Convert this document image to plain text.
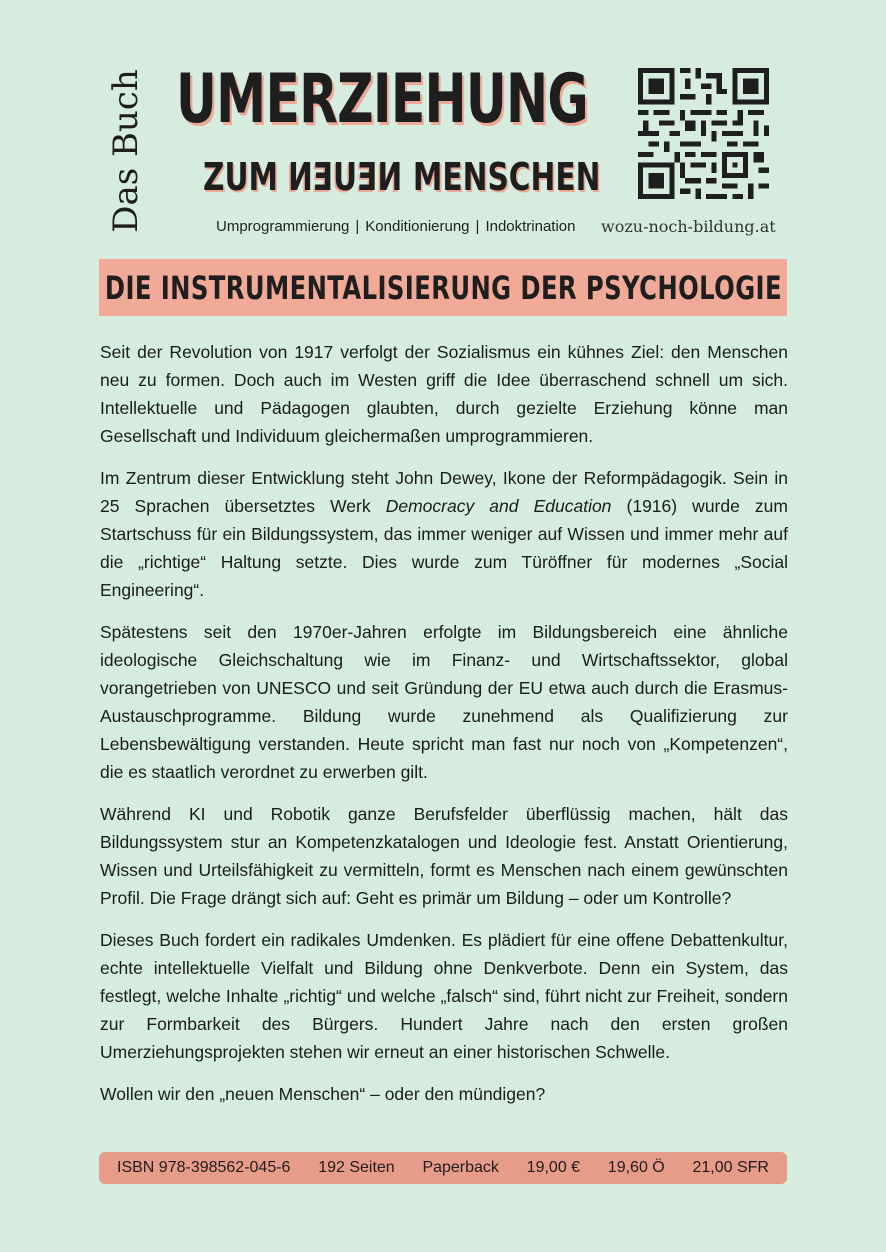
Das Buch UMERZIEHUNG
ZUM NEUEN MENSCHEN
Umprogrammierung | Konditionierung | Indoktrination wozu-noch-bildung.at
DIE INSTRUMENTALISIERUNG DER PSYCHOLOGIE

Seit der Revolution von 1917 verfolgt der Sozialismus ein kühnes Ziel: den Menschen neu zu formen. Doch auch im Westen griff die Idee überraschend schnell um sich. Intellektuelle und Pädagogen glaubten, durch gezielte Erziehung könne man Gesellschaft und Individuum gleichermaßen umprogrammieren.

Im Zentrum dieser Entwicklung steht John Dewey, Ikone der Reformpädagogik. Sein in 25 Sprachen übersetztes Werk Democracy and Education (1916) wurde zum Startschuss für ein Bildungssystem, das immer weniger auf Wissen und immer mehr auf die „richtige“ Haltung setzte. Dies wurde zum Türöffner für modernes „Social Engineering“.

Spätestens seit den 1970er-Jahren erfolgte im Bildungsbereich eine ähnliche ideologische Gleichschaltung wie im Finanz- und Wirtschaftssektor, global vorangetrieben von UNESCO und seit Gründung der EU etwa auch durch die Erasmus-Austauschprogramme. Bildung wurde zunehmend als Qualifizierung zur Lebensbewältigung verstanden. Heute spricht man fast nur noch von „Kompetenzen“, die es staatlich verordnet zu erwerben gilt.

Während KI und Robotik ganze Berufsfelder überflüssig machen, hält das Bildungssystem stur an Kompetenzkatalogen und Ideologie fest. Anstatt Orientierung, Wissen und Urteilsfähigkeit zu vermitteln, formt es Menschen nach einem gewünschten Profil. Die Frage drängt sich auf: Geht es primär um Bildung – oder um Kontrolle?

Dieses Buch fordert ein radikales Umdenken. Es plädiert für eine offene Debattenkultur, echte intellektuelle Vielfalt und Bildung ohne Denkverbote. Denn ein System, das festlegt, welche Inhalte „richtig“ und welche „falsch“ sind, führt nicht zur Freiheit, sondern zur Formbarkeit des Bürgers. Hundert Jahre nach den ersten großen Umerziehungsprojekten stehen wir erneut an einer historischen Schwelle.

Wollen wir den „neuen Menschen“ – oder den mündigen?

ISBN 978-398562-045-6 192 Seiten Paperback 19,00 € 19,60 Ö 21,00 SFR
